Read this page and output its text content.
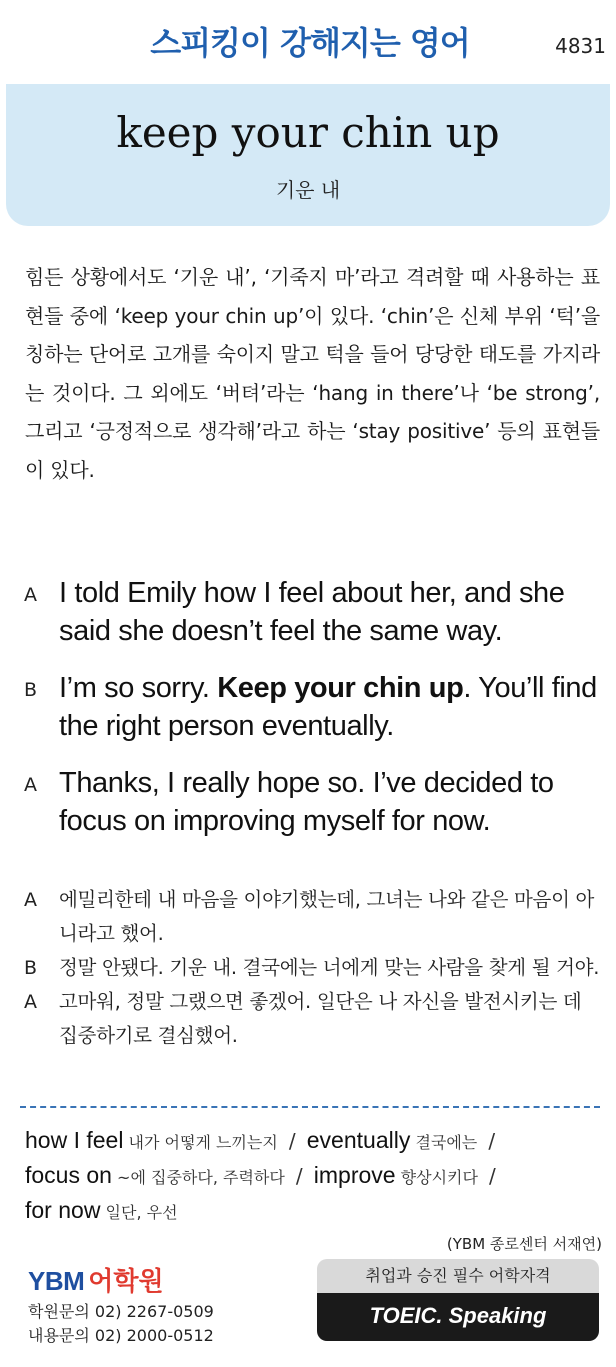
스피킹이 강해지는 영어	4831
keep your chin up
기운 내
힘든 상황에서도 ‘기운 내’, ‘기죽지 마’라고 격려할 때 사용하는 표현들 중에 ‘keep your chin up’이 있다. ‘chin’은 신체 부위 ‘턱’을 칭하는 단어로 고개를 숙이지 말고 턱을 들어 당당한 태도를 가지라는 것이다. 그 외에도 ‘버텨’라는 ‘hang in there’나 ‘be strong’, 그리고 ‘긍정적으로 생각해’라고 하는 ‘stay positive’ 등의 표현들이 있다.
A I told Emily how I feel about her, and she said she doesn’t feel the same way.
B I’m so sorry. Keep your chin up. You’ll find the right person eventually.
A Thanks, I really hope so. I’ve decided to focus on improving myself for now.
A	에밀리한테 내 마음을 이야기했는데, 그녀는 나와 같은 마음이 아니라고 했어.
B	정말 안됐다. 기운 내. 결국에는 너에게 맞는 사람을 찾게 될 거야.
A	고마워, 정말 그랬으면 좋겠어. 일단은 나 자신을 발전시키는 데 집중하기로 결심했어.
how I feel 내가 어떻게 느끼는지 / eventually 결국에는 /
focus on ~에 집중하다, 주력하다 / improve 향상시키다 /
for now 일단, 우선
(YBM 종로센터 서재연)
YBM 어학원
학원문의 02) 2267-0509
내용문의 02) 2000-0512
취업과 승진 필수 어학자격
TOEIC. Speaking
